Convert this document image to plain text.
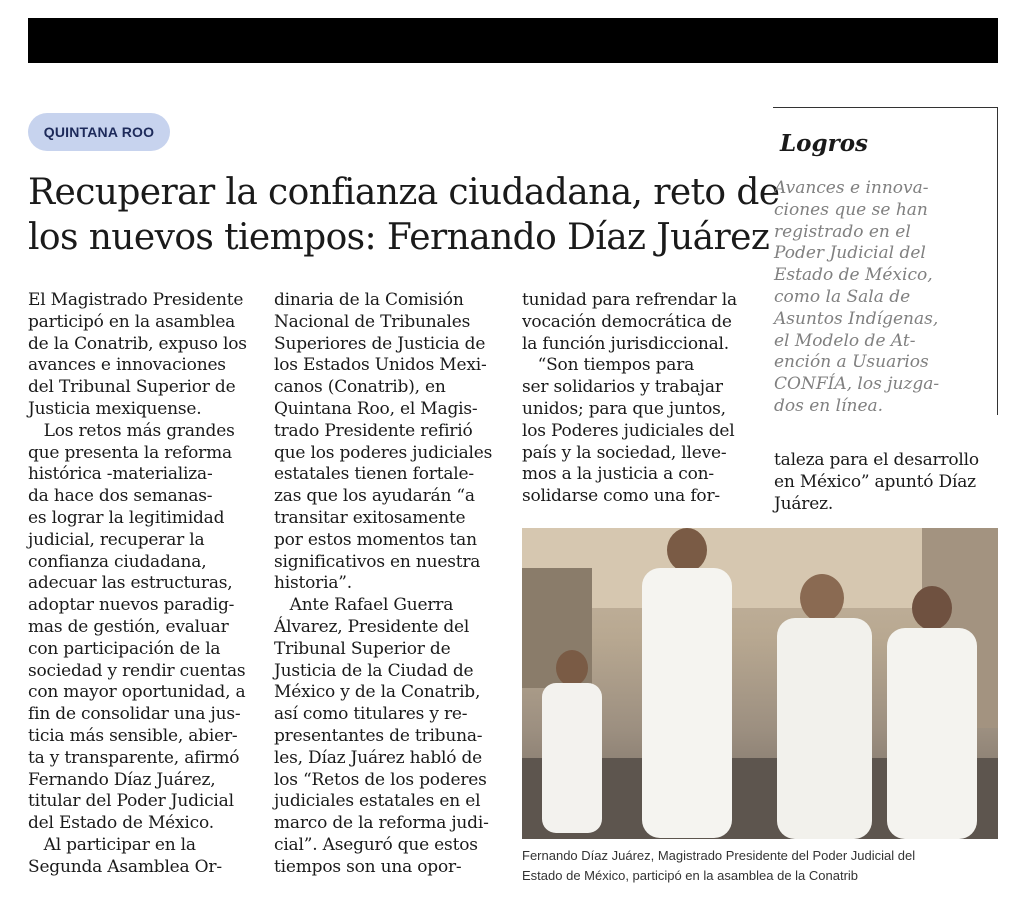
QUINTANA ROO
Recuperar la confianza ciudadana, reto de
los nuevos tiempos: Fernando Díaz Juárez
Logros
Avances e innova-
ciones que se han
registrado en el
Poder Judicial del
Estado de México,
como la Sala de
Asuntos Indígenas,
el Modelo de At-
ención a Usuarios
CONFÍA, los juzga-
dos en línea.
El Magistrado Presidente
participó en la asamblea
de la Conatrib, expuso los
avances e innovaciones
del Tribunal Superior de
Justicia mexiquense.
Los retos más grandes
que presenta la reforma
histórica -materializa-
da hace dos semanas-
es lograr la legitimidad
judicial, recuperar la
confianza ciudadana,
adecuar las estructuras,
adoptar nuevos paradig-
mas de gestión, evaluar
con participación de la
sociedad y rendir cuentas
con mayor oportunidad, a
fin de consolidar una jus-
ticia más sensible, abier-
ta y transparente, afirmó
Fernando Díaz Juárez,
titular del Poder Judicial
del Estado de México.
Al participar en la
Segunda Asamblea Or-
dinaria de la Comisión
Nacional de Tribunales
Superiores de Justicia de
los Estados Unidos Mexi-
canos (Conatrib), en
Quintana Roo, el Magis-
trado Presidente refirió
que los poderes judiciales
estatales tienen fortale-
zas que los ayudarán “a
transitar exitosamente
por estos momentos tan
significativos en nuestra
historia”.
Ante Rafael Guerra
Álvarez, Presidente del
Tribunal Superior de
Justicia de la Ciudad de
México y de la Conatrib,
así como titulares y re-
presentantes de tribuna-
les, Díaz Juárez habló de
los “Retos de los poderes
judiciales estatales en el
marco de la reforma judi-
cial”. Aseguró que estos
tiempos son una opor-
tunidad para refrendar la
vocación democrática de
la función jurisdiccional.
“Son tiempos para
ser solidarios y trabajar
unidos; para que juntos,
los Poderes judiciales del
país y la sociedad, lleve-
mos a la justicia a con-
solidarse como una for-
taleza para el desarrollo
en México” apuntó Díaz
Juárez.
Fernando Díaz Juárez, Magistrado Presidente del Poder Judicial del
Estado de México, participó en la asamblea de la Conatrib
